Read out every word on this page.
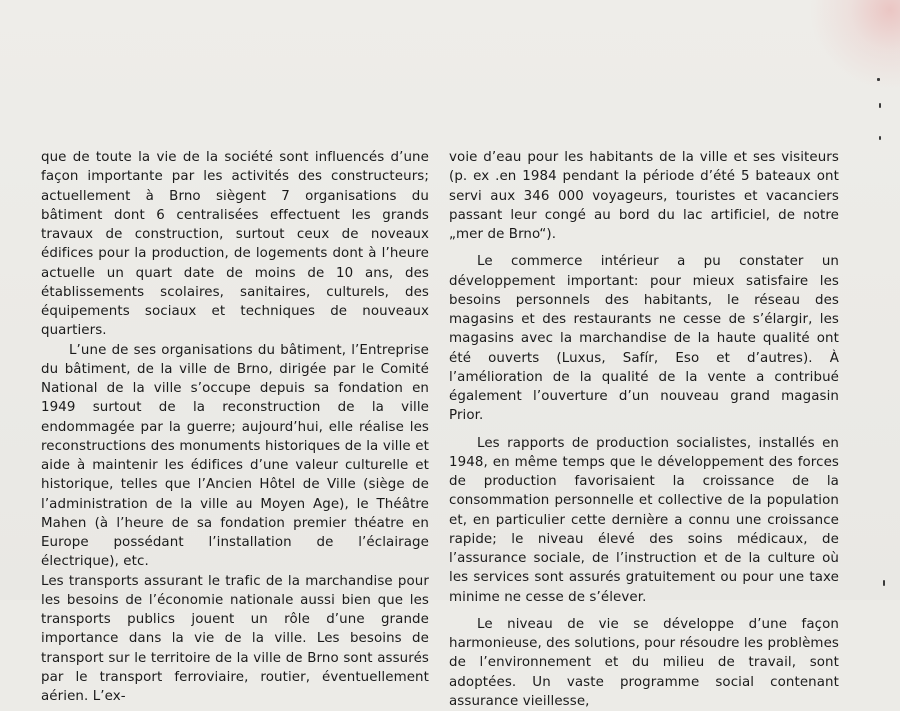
que de toute la vie de la société sont influencés d’une façon importante par les activités des constructeurs; actuellement à Brno siègent 7 organisations du bâtiment dont 6 centralisées effectuent les grands travaux de construction, surtout ceux de noveaux édifices pour la production, de logements dont à l’heure actuelle un quart date de moins de 10 ans, des établissements scolaires, sanitaires, culturels, des équipements sociaux et techniques de nouveaux quartiers.

L’une de ses organisations du bâtiment, l’Entreprise du bâtiment, de la ville de Brno, dirigée par le Comité National de la ville s’occupe depuis sa fondation en 1949 surtout de la reconstruction de la ville endommagée par la guerre; aujourd’hui, elle réalise les reconstructions des monuments historiques de la ville et aide à maintenir les édifices d’une valeur culturelle et historique, telles que l’Ancien Hôtel de Ville (siège de l’administration de la ville au Moyen Age), le Théâtre Mahen (à l’heure de sa fondation premier théatre en Europe possédant l’installation de l’éclairage électrique), etc.

Les transports assurant le trafic de la marchandise pour les besoins de l’économie nationale aussi bien que les transports publics jouent un rôle d’une grande importance dans la vie de la ville. Les besoins de transport sur le territoire de la ville de Brno sont assurés par le transport ferroviaire, routier, éventuellement aérien. L’ex-

voie d’eau pour les habitants de la ville et ses visiteurs (p. ex .en 1984 pendant la période d’été 5 bateaux ont servi aux 346 000 voyageurs, touristes et vacanciers passant leur congé au bord du lac artificiel, de notre „mer de Brno“).

Le commerce intérieur a pu constater un développement important: pour mieux satisfaire les besoins personnels des habitants, le réseau des magasins et des restaurants ne cesse de s’élargir, les magasins avec la marchandise de la haute qualité ont été ouverts (Luxus, Safír, Eso et d’autres). À l’amélioration de la qualité de la vente a contribué également l’ouverture d’un nouveau grand magasin Prior.

Les rapports de production socialistes, installés en 1948, en même temps que le développement des forces de production favorisaient la croissance de la consommation personnelle et collective de la population et, en particulier cette dernière a connu une croissance rapide; le niveau élevé des soins médicaux, de l’assurance sociale, de l’instruction et de la culture où les services sont assurés gratuitement ou pour une taxe minime ne cesse de s’élever.

Le niveau de vie se développe d’une façon harmonieuse, des solutions, pour résoudre les problèmes de l’environnement et du milieu de travail, sont adoptées. Un vaste programme social contenant assurance vieillesse,
